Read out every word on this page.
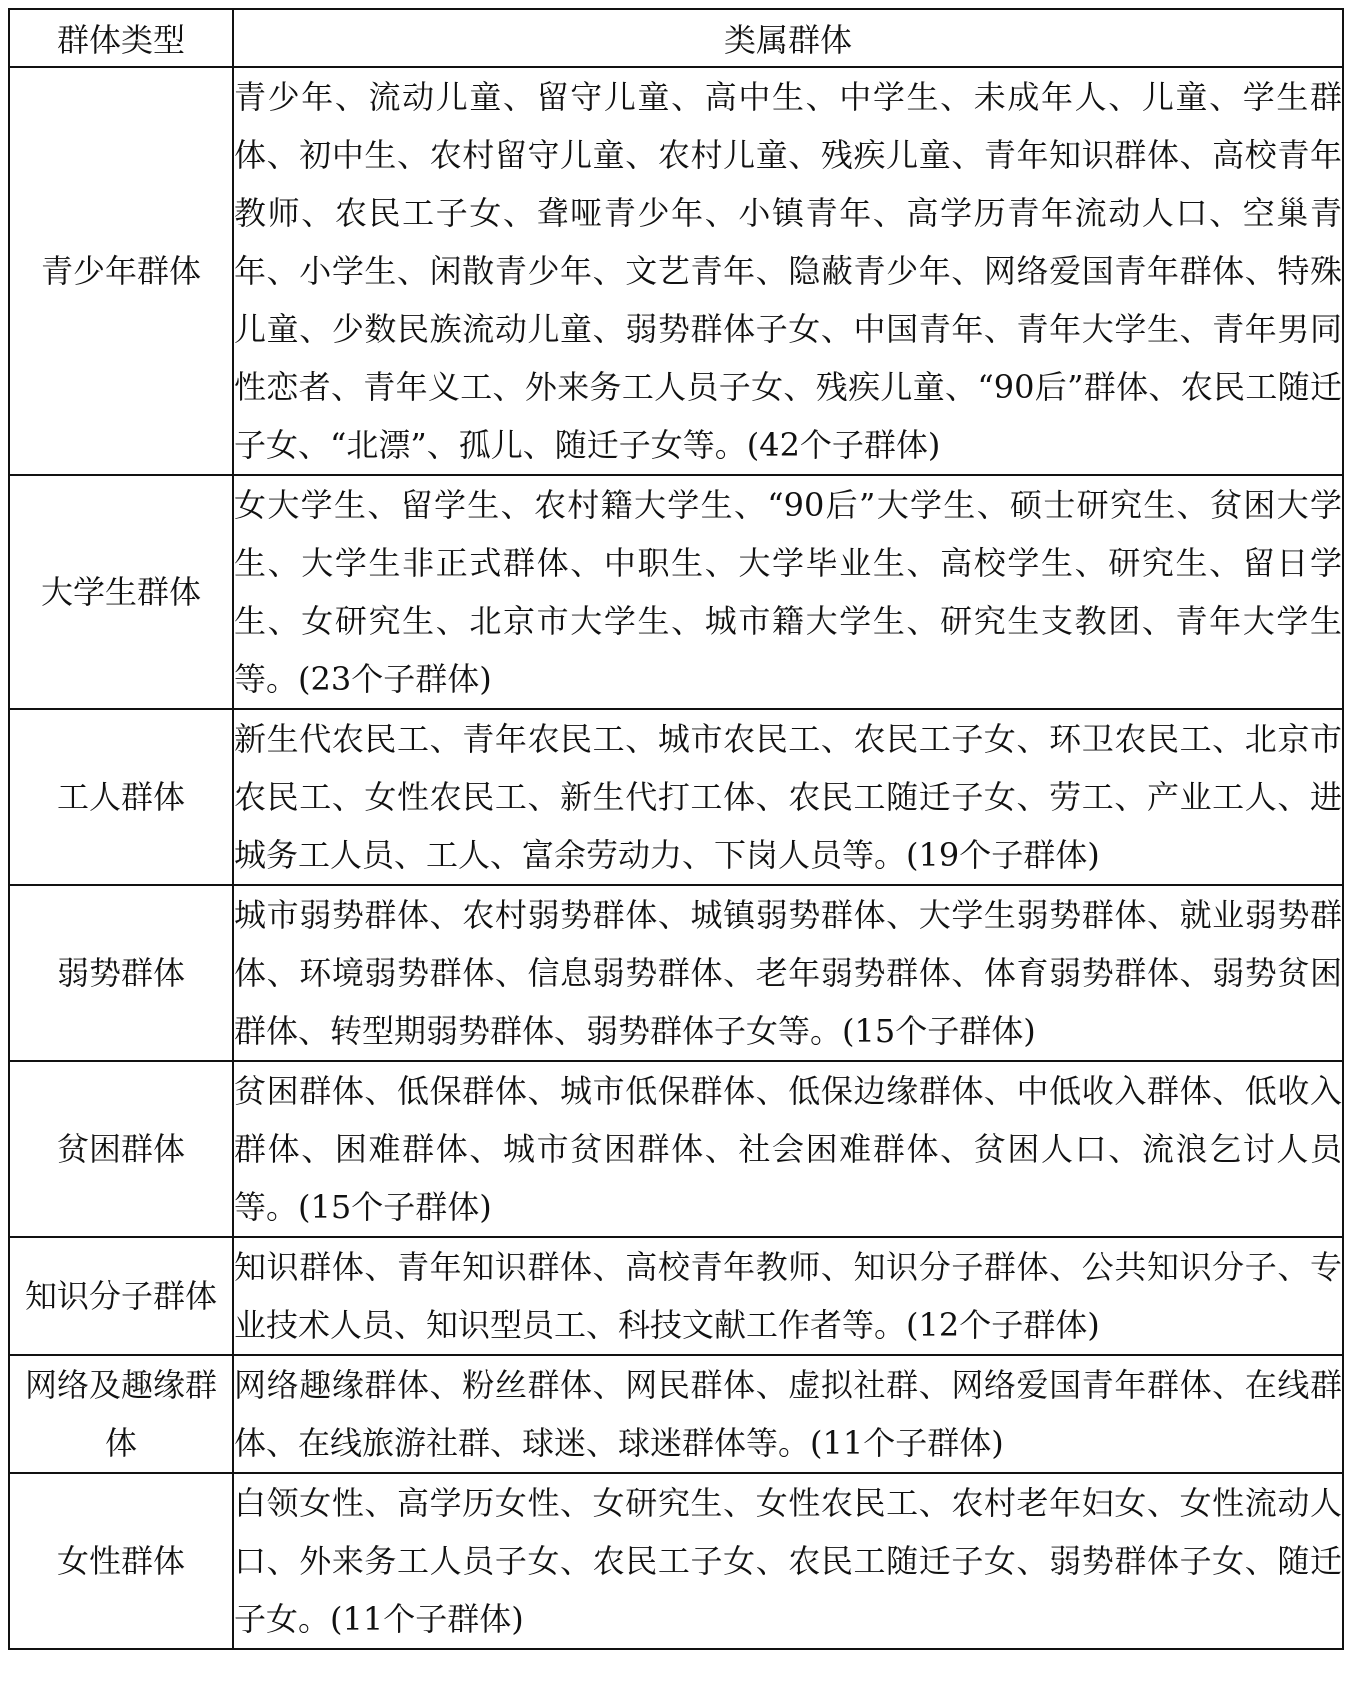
群体类型	类属群体
青少年群体	青少年、流动儿童、留守儿童、高中生、中学生、未成年人、儿童、学生群体、初中生、农村留守儿童、农村儿童、残疾儿童、青年知识群体、高校青年教师、农民工子女、聋哑青少年、小镇青年、高学历青年流动人口、空巢青年、小学生、闲散青少年、文艺青年、隐蔽青少年、网络爱国青年群体、特殊儿童、少数民族流动儿童、弱势群体子女、中国青年、青年大学生、青年男同性恋者、青年义工、外来务工人员子女、残疾儿童、“90后”群体、农民工随迁子女、“北漂”、孤儿、随迁子女等。(42个子群体)
大学生群体	女大学生、留学生、农村籍大学生、“90后”大学生、硕士研究生、贫困大学生、大学生非正式群体、中职生、大学毕业生、高校学生、研究生、留日学生、女研究生、北京市大学生、城市籍大学生、研究生支教团、青年大学生等。(23个子群体)
工人群体	新生代农民工、青年农民工、城市农民工、农民工子女、环卫农民工、北京市农民工、女性农民工、新生代打工体、农民工随迁子女、劳工、产业工人、进城务工人员、工人、富余劳动力、下岗人员等。(19个子群体)
弱势群体	城市弱势群体、农村弱势群体、城镇弱势群体、大学生弱势群体、就业弱势群体、环境弱势群体、信息弱势群体、老年弱势群体、体育弱势群体、弱势贫困群体、转型期弱势群体、弱势群体子女等。(15个子群体)
贫困群体	贫困群体、低保群体、城市低保群体、低保边缘群体、中低收入群体、低收入群体、困难群体、城市贫困群体、社会困难群体、贫困人口、流浪乞讨人员等。(15个子群体)
知识分子群体	知识群体、青年知识群体、高校青年教师、知识分子群体、公共知识分子、专业技术人员、知识型员工、科技文献工作者等。(12个子群体)
网络及趣缘群体	网络趣缘群体、粉丝群体、网民群体、虚拟社群、网络爱国青年群体、在线群体、在线旅游社群、球迷、球迷群体等。(11个子群体)
女性群体	白领女性、高学历女性、女研究生、女性农民工、农村老年妇女、女性流动人口、外来务工人员子女、农民工子女、农民工随迁子女、弱势群体子女、随迁子女。(11个子群体)
